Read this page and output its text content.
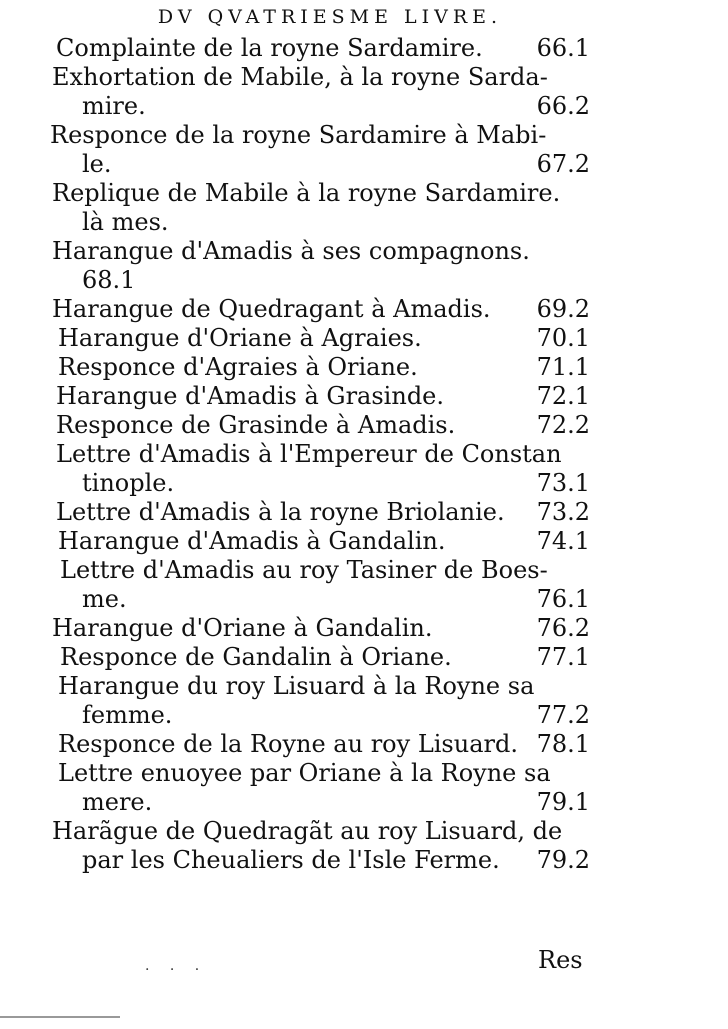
DV QVATRIESME LIVRE.
Complainte de la royne Sardamire. 66.1
Exhortation de Mabile, à la royne Sarda-
mire.	66.2
Responce de la royne Sardamire à Mabi-
le.	67.2
Replique de Mabile à la royne Sardamire.
là mes.
Harangue d'Amadis à ses compagnons.
68.1
Harangue de Quedragant à Amadis. 69.2
Harangue d'Oriane à Agraies.	70.1
Responce d'Agraies à Oriane.	71.1
Harangue d'Amadis à Grasinde.	72.1
Responce de Grasinde à Amadis.	72.2
Lettre d'Amadis à l'Empereur de Constan
tinople.	73.1
Lettre d'Amadis à la royne Briolanie. 73.2
Harangue d'Amadis à Gandalin.	74.1
Lettre d'Amadis au roy Tasiner de Boes-
me.	76.1
Harangue d'Oriane à Gandalin.	76.2
Responce de Gandalin à Oriane.	77.1
Harangue du roy Lisuard à la Royne sa
femme.	77.2
Responce de la Royne au roy Lisuard. 78.1
Lettre enuoyee par Oriane à la Royne sa
mere.	79.1
Harãgue de Quedragãt au roy Lisuard, de
par les Cheualiers de l'Isle Ferme. 79.2
Res
· · ·
